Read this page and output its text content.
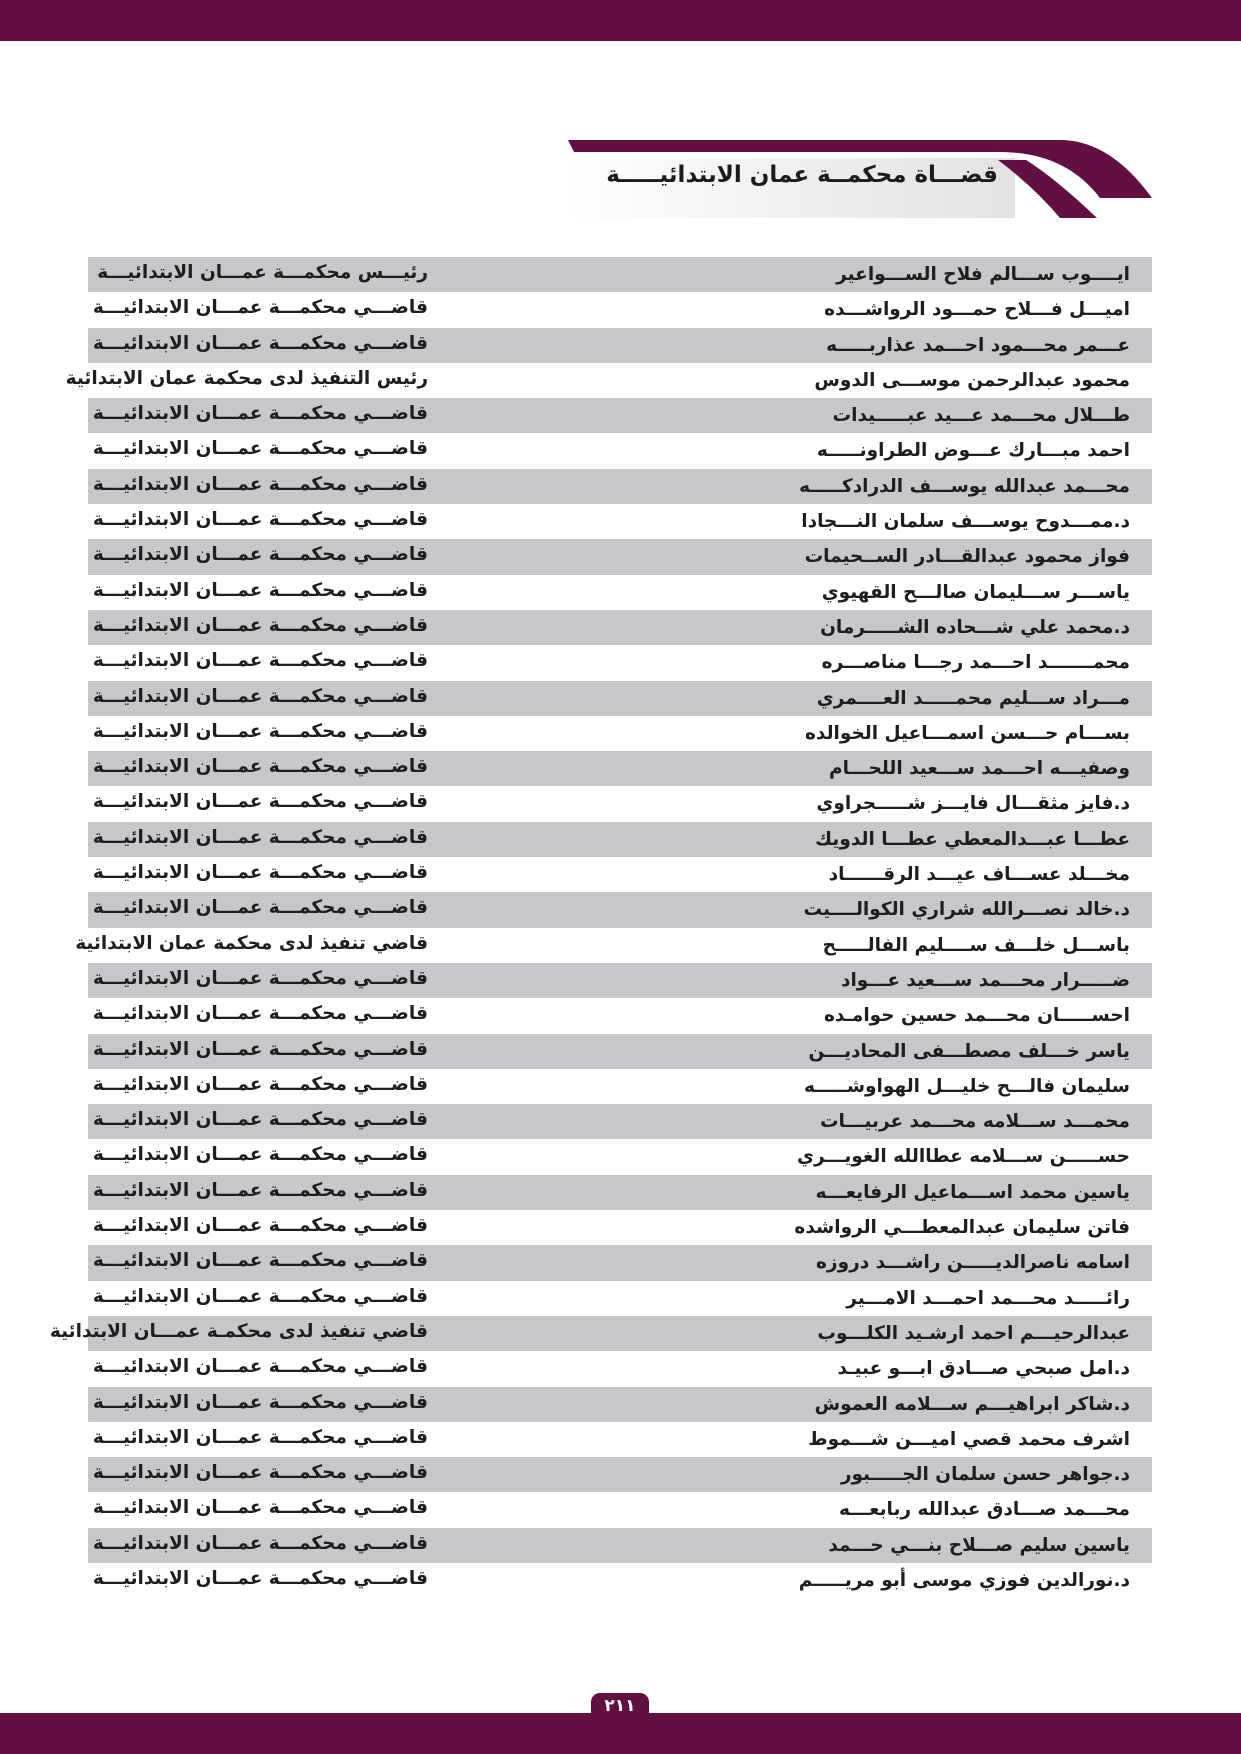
قضـــاة محكمــة عمان الابتدائيـــــة
ايــــوب ســـالم فلاح الســـواعير
رئيـــس محكمـــة عمـــان الابتدائيـــة
اميـــل فـــلاح حمـــود الرواشـــده
قاضـــي محكمـــة عمـــان الابتدائيـــة
عـــمر محـــمود احـــمد عذاربـــــه
قاضـــي محكمـــة عمـــان الابتدائيـــة
محمود عبدالرحمن موســـى الدوس
رئيس التنفيذ لدى محكمة عمان الابتدائية
طـــلال محـــمد عـــيد عبـــــيدات
قاضـــي محكمـــة عمـــان الابتدائيـــة
احمد مبـــارك عـــوض الطراونـــــه
قاضـــي محكمـــة عمـــان الابتدائيـــة
محـــمد عبدالله يوســـف الدرادكـــــه
قاضـــي محكمـــة عمـــان الابتدائيـــة
د.ممـــدوح يوســـف سلمان النـــجادا
قاضـــي محكمـــة عمـــان الابتدائيـــة
فواز محمود عبدالقـــادر الســحيمات
قاضـــي محكمـــة عمـــان الابتدائيـــة
ياســـر ســـليمان صالـــح القهيوي
قاضـــي محكمـــة عمـــان الابتدائيـــة
د.محمد علي شـــحاده الشـــــرمان
قاضـــي محكمـــة عمـــان الابتدائيـــة
محمـــــــد احـــمد رجـــا مناصـــره
قاضـــي محكمـــة عمـــان الابتدائيـــة
مـــراد ســـليم محمـــــد العــــمري
قاضـــي محكمـــة عمـــان الابتدائيـــة
بســـام حـــسن اسمـــاعيل الخوالده
قاضـــي محكمـــة عمـــان الابتدائيـــة
وصفيـــه احـــمد ســـعيد اللحـــام
قاضـــي محكمـــة عمـــان الابتدائيـــة
د.فايز مثقـــال فايـــز شـــــجراوي
قاضـــي محكمـــة عمـــان الابتدائيـــة
عطـــا عبـــدالمعطي عطـــا الدويك
قاضـــي محكمـــة عمـــان الابتدائيـــة
مخـــلد عســـاف عيـــد الرقــــــاد
قاضـــي محكمـــة عمـــان الابتدائيـــة
د.خالد نصـــرالله شراري الكوالــــيت
قاضـــي محكمـــة عمـــان الابتدائيـــة
باســـل خلـــف ســــليم الفالـــــح
قاضي تنفيذ لدى محكمة عمان الابتدائية
ضـــــرار محـــمد ســـعيد عـــواد
قاضـــي محكمـــة عمـــان الابتدائيـــة
احســـــان محـــمد حسين حوامـده
قاضـــي محكمـــة عمـــان الابتدائيـــة
ياسر خـــلف مصطـــفى المحاديـــن
قاضـــي محكمـــة عمـــان الابتدائيـــة
سليمان فالـــح خليـــل الهواوشـــــه
قاضـــي محكمـــة عمـــان الابتدائيـــة
محمـــد ســـلامه محـــمد عربيـــات
قاضـــي محكمـــة عمـــان الابتدائيـــة
حســـــن ســـلامه عطاالله الغويـــري
قاضـــي محكمـــة عمـــان الابتدائيـــة
ياسين محمد اســـماعيل الرفايعـــه
قاضـــي محكمـــة عمـــان الابتدائيـــة
فاتن سليمان عبدالمعطـــي الرواشده
قاضـــي محكمـــة عمـــان الابتدائيـــة
اسامه ناصرالديـــــن راشـــد دروزه
قاضـــي محكمـــة عمـــان الابتدائيـــة
رائـــــد محـــمد احمـــد الامـــير
قاضـــي محكمـــة عمـــان الابتدائيـــة
عبدالرحيـــم احمد ارشـيد الكلـــوب
قاضي تنفيذ لدى محكمـة عمـــان الابتدائية
د.امل صبحي صـــادق ابـــو عبيـد
قاضـــي محكمـــة عمـــان الابتدائيـــة
د.شاكر ابراهيـــم ســـلامه العموش
قاضـــي محكمـــة عمـــان الابتدائيـــة
اشرف محمد قصي اميـــن شـــموط
قاضـــي محكمـــة عمـــان الابتدائيـــة
د.جواهر حسن سلمان الجـــــبور
قاضـــي محكمـــة عمـــان الابتدائيـــة
محـــمد صـــادق عبدالله ربابعـــه
قاضـــي محكمـــة عمـــان الابتدائيـــة
ياسين سليم صـــلاح بنـــي حـــمد
قاضـــي محكمـــة عمـــان الابتدائيـــة
د.نورالدين فوزي موسى أبو مريـــــم
قاضـــي محكمـــة عمـــان الابتدائيـــة
٢١١
